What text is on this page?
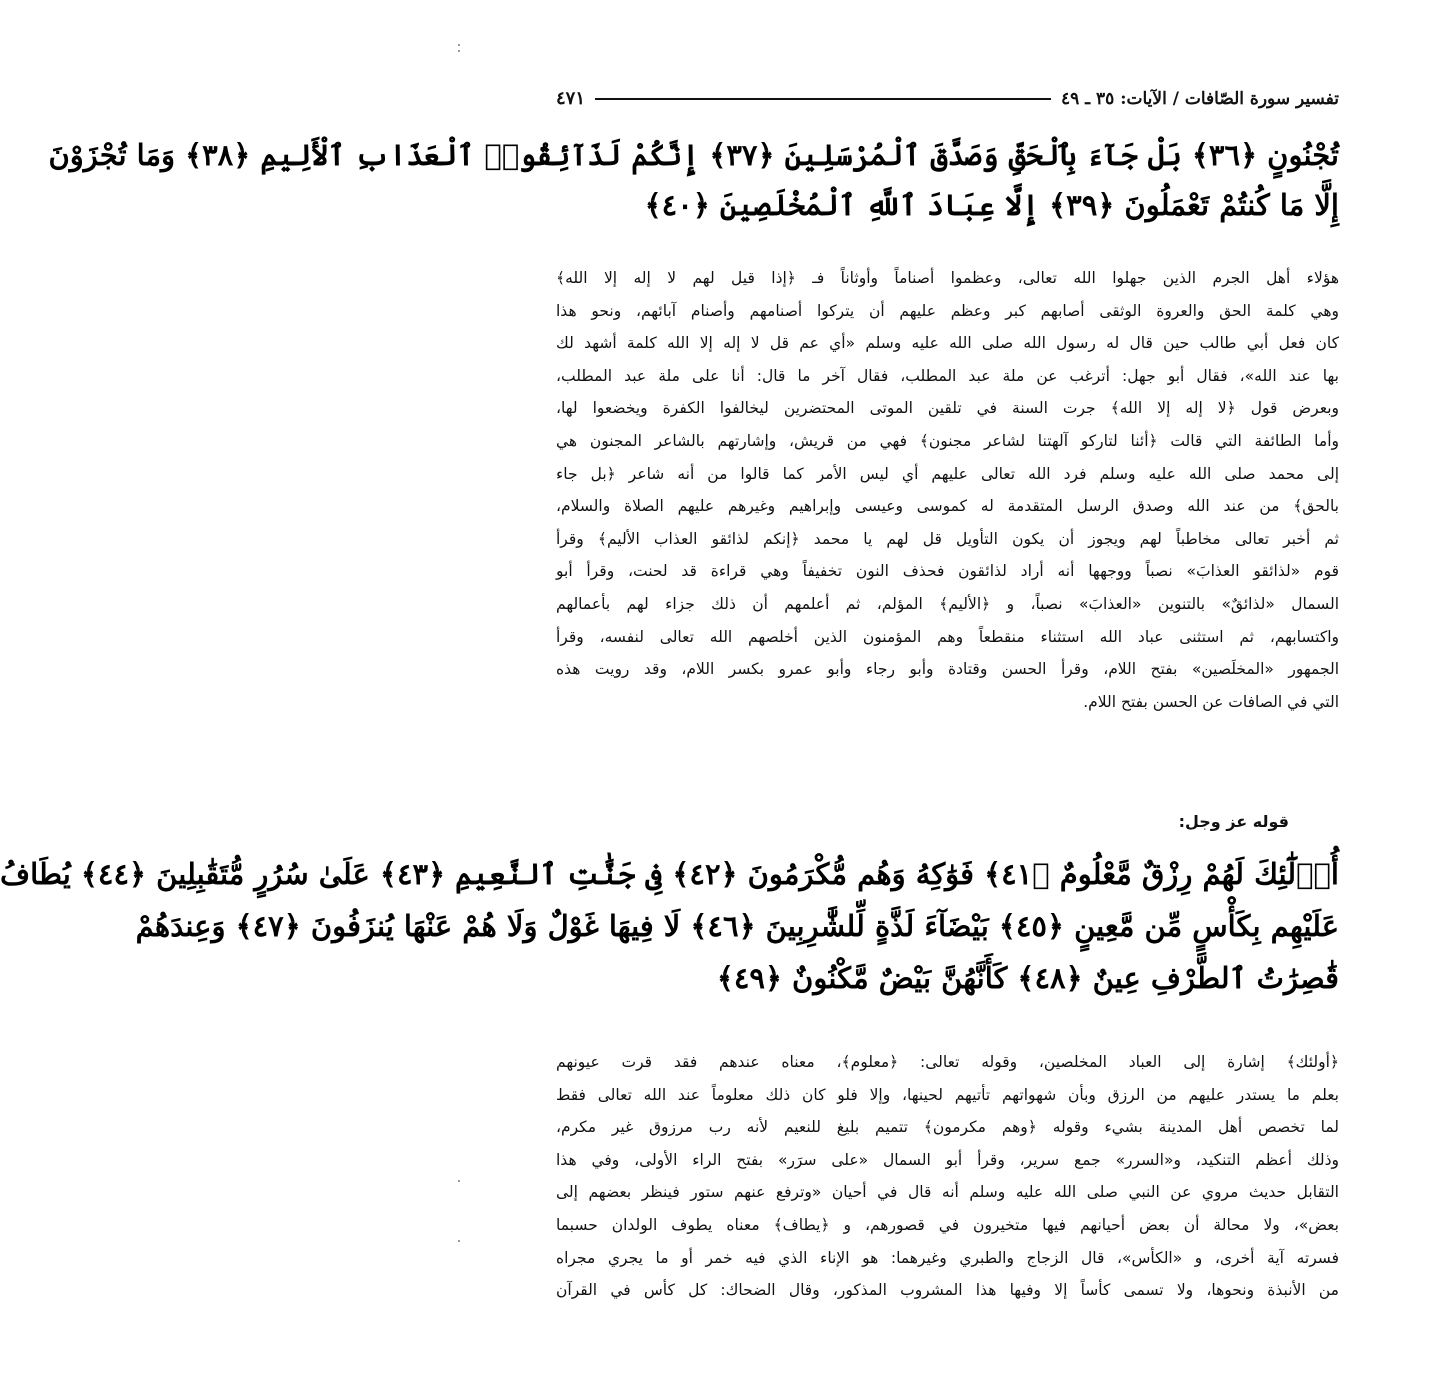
تفسير سورة الصّافات / الآيات: ٣٥ ـ ٤٩
٤٧١
تُجْنُونٍ ﴿٣٦﴾ بَلْ جَآءَ بِٱلْحَقِّ وَصَدَّقَ ٱلْمُرْسَلِينَ ﴿٣٧﴾ إِنَّكُمْ لَذَآئِقُوا۟ ٱلْعَذَابِ ٱلْأَلِيمِ ﴿٣٨﴾ وَمَا تُجْزَوْنَ
إِلَّا مَا كُنتُمْ تَعْمَلُونَ ﴿٣٩﴾ إِلَّا عِبَادَ ٱللَّهِ ٱلْمُخْلَصِينَ ﴿٤٠﴾
هؤلاء أهل الجرم الذين جهلوا الله تعالى، وعظموا أصناماً وأوثاناً فـ ﴿إذا قيل لهم لا إله إلا الله﴾
وهي كلمة الحق والعروة الوثقى أصابهم كبر وعظم عليهم أن يتركوا أصنامهم وأصنام آبائهم، ونحو هذا
كان فعل أبي طالب حين قال له رسول الله صلى الله عليه وسلم «أي عم قل لا إله إلا الله كلمة أشهد لك
بها عند الله»، فقال أبو جهل: أترغب عن ملة عبد المطلب، فقال آخر ما قال: أنا على ملة عبد المطلب،
وبعرض قول ﴿لا إله إلا الله﴾ جرت السنة في تلقين الموتى المحتضرين ليخالفوا الكفرة ويخضعوا لها،
وأما الطائفة التي قالت ﴿أئنا لتاركو آلهتنا لشاعر مجنون﴾ فهي من قريش، وإشارتهم بالشاعر المجنون هي
إلى محمد صلى الله عليه وسلم فرد الله تعالى عليهم أي ليس الأمر كما قالوا من أنه شاعر ﴿بل جاء
بالحق﴾ من عند الله وصدق الرسل المتقدمة له كموسى وعيسى وإبراهيم وغيرهم عليهم الصلاة والسلام،
ثم أخبر تعالى مخاطباً لهم ويجوز أن يكون التأويل قل لهم يا محمد ﴿إنكم لذائقو العذاب الأليم﴾ وقرأ
قوم «لذائقو العذابَ» نصباً ووجهها أنه أراد لذائقون فحذف النون تخفيفاً وهي قراءة قد لحنت، وقرأ أبو
السمال «لذائقٌ» بالتنوين «العذابَ» نصباً، و ﴿الأليم﴾ المؤلم، ثم أعلمهم أن ذلك جزاء لهم بأعمالهم
واكتسابهم، ثم استثنى عباد الله استثناء منقطعاً وهم المؤمنون الذين أخلصهم الله تعالى لنفسه، وقرأ
الجمهور «المخلَصين» بفتح اللام، وقرأ الحسن وقتادة وأبو رجاء وأبو عمرو بكسر اللام، وقد رويت هذه
التي في الصافات عن الحسن بفتح اللام.
قوله عز وجل:
أُو۟لَٰٓئِكَ لَهُمْ رِزْقٌ مَّعْلُومٌ ﴿٤١﴾ فَوَٰكِهُ وَهُم مُّكْرَمُونَ ﴿٤٢﴾ فِى جَنَّٰتِ ٱلنَّعِيمِ ﴿٤٣﴾ عَلَىٰ سُرُرٍ مُّتَقَٰبِلِينَ ﴿٤٤﴾ يُطَافُ
عَلَيْهِم بِكَأْسٍ مِّن مَّعِينٍ ﴿٤٥﴾ بَيْضَآءَ لَذَّةٍ لِّلشَّٰرِبِينَ ﴿٤٦﴾ لَا فِيهَا غَوْلٌ وَلَا هُمْ عَنْهَا يُنزَفُونَ ﴿٤٧﴾ وَعِندَهُمْ
قَٰصِرَٰتُ ٱلطَّرْفِ عِينٌ ﴿٤٨﴾ كَأَنَّهُنَّ بَيْضٌ مَّكْنُونٌ ﴿٤٩﴾
﴿أولئك﴾ إشارة إلى العباد المخلصين، وقوله تعالى: ﴿معلوم﴾، معناه عندهم فقد قرت عيونهم
بعلم ما يستدر عليهم من الرزق وبأن شهواتهم تأتيهم لحينها، وإلا فلو كان ذلك معلوماً عند الله تعالى فقط
لما تخصص أهل المدينة بشيء وقوله ﴿وهم مكرمون﴾ تتميم بليغ للنعيم لأنه رب مرزوق غير مكرم،
وذلك أعظم التنكيد، و«السرر» جمع سرير، وقرأ أبو السمال «على سرَر» بفتح الراء الأولى، وفي هذا
التقابل حديث مروي عن النبي صلى الله عليه وسلم أنه قال في أحيان «وترفع عنهم ستور فينظر بعضهم إلى
بعض»، ولا محالة أن بعض أحيانهم فيها متخيرون في قصورهم، و ﴿يطاف﴾ معناه يطوف الولدان حسبما
فسرته آية أخرى، و «الكأس»، قال الزجاج والطبري وغيرهما: هو الإناء الذي فيه خمر أو ما يجري مجراه
من الأنبذة ونحوها، ولا تسمى كأساً إلا وفيها هذا المشروب المذكور، وقال الضحاك: كل كأس في القرآن
